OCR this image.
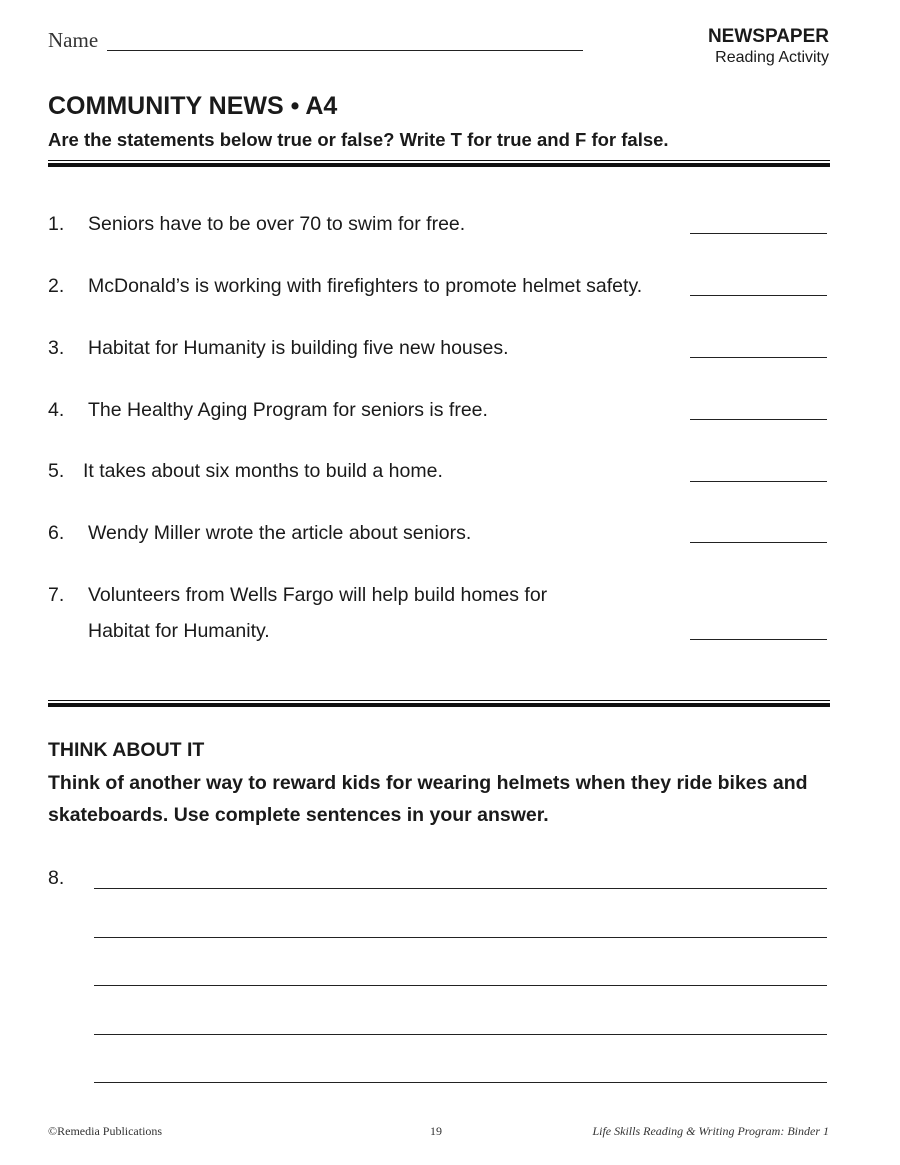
Name	NEWSPAPER
Reading Activity
COMMUNITY NEWS • A4
Are the statements below true or false? Write T for true and F for false.
1. Seniors have to be over 70 to swim for free.
2. McDonald’s is working with firefighters to promote helmet safety.
3. Habitat for Humanity is building five new houses.
4. The Healthy Aging Program for seniors is free.
5. It takes about six months to build a home.
6. Wendy Miller wrote the article about seniors.
7. Volunteers from Wells Fargo will help build homes for
Habitat for Humanity.
THINK ABOUT IT
Think of another way to reward kids for wearing helmets when they ride bikes and skateboards. Use complete sentences in your answer.
8.
©Remedia Publications	19	Life Skills Reading & Writing Program: Binder 1
